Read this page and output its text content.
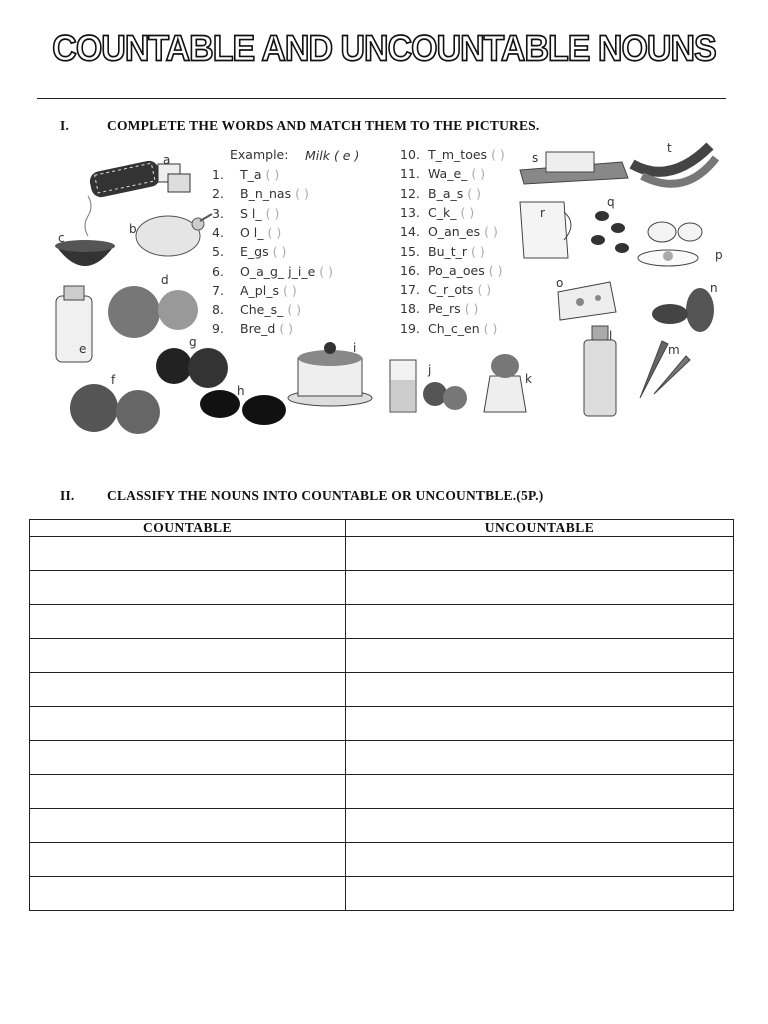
COUNTABLE AND UNCOUNTABLE NOUNS
I.	COMPLETE THE WORDS AND MATCH THEM TO THE PICTURES.
a
b
c
d
e
f
g
h
i
j
k
l
m
n
o
p
q
r
s
t
Example: Milk ( e )
1. T_a ( )
2. B_n_nas ( )
3. S l_ ( )
4. O l_ ( )
5. E_gs ( )
6. O_a_g_ j_i_e ( )
7. A_pl_s ( )
8. Che_s_ ( )
9. Bre_d ( )
10. T_m_toes ( )
11. Wa_e_ ( )
12. B_a_s ( )
13. C_k_ ( )
14. O_an_es ( )
15. Bu_t_r ( )
16. Po_a_oes ( )
17. C_r_ots ( )
18. Pe_rs ( )
19. Ch_c_en ( )
II. CLASSIFY THE NOUNS INTO COUNTABLE OR UNCOUNTBLE.(5P.)
COUNTABLE	UNCOUNTABLE
